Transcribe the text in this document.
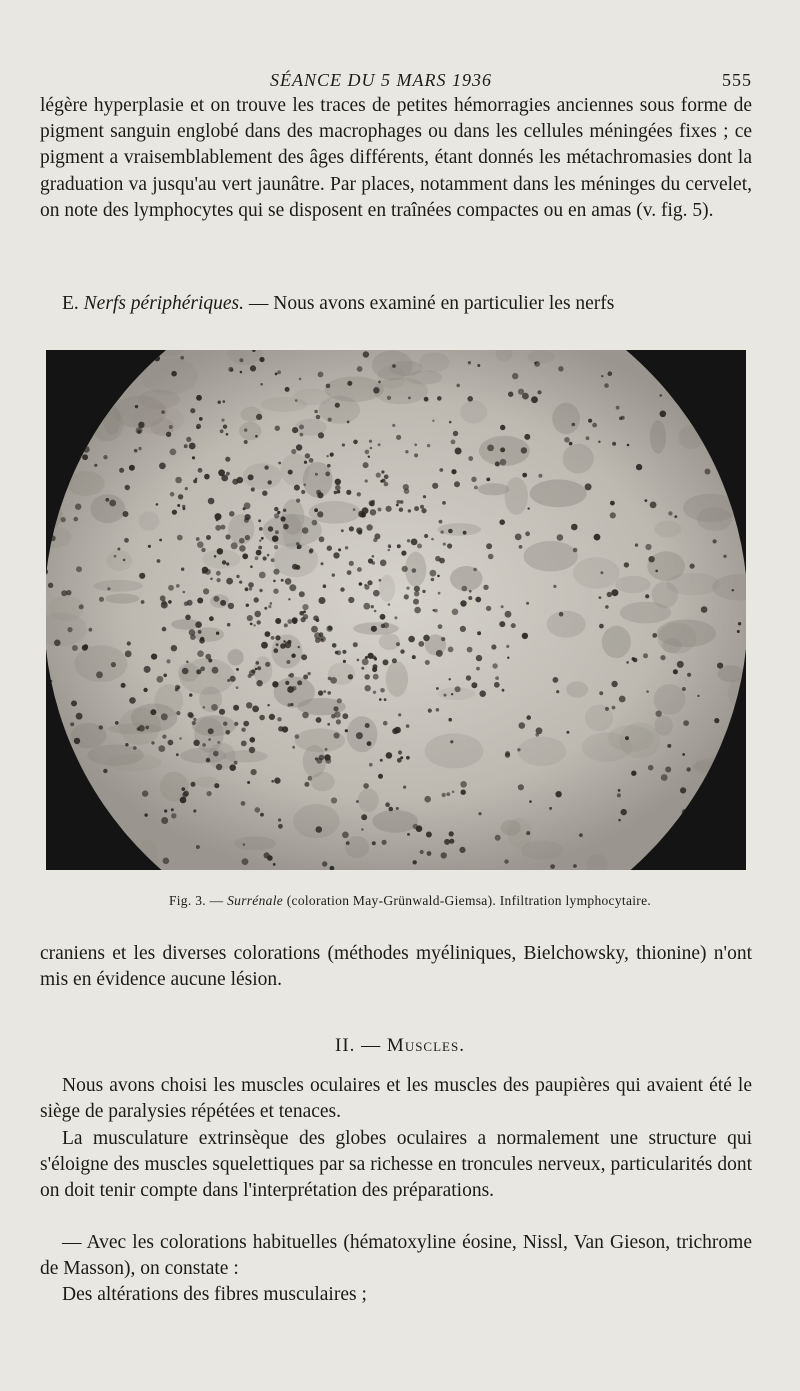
SÉANCE DU 5 MARS 1936	555

légère hyperplasie et on trouve les traces de petites hémorragies anciennes sous forme de pigment sanguin englobé dans des macrophages ou dans les cellules méningées fixes ; ce pigment a vraisemblablement des âges différents, étant donnés les métachromasies dont la graduation va jusqu'au vert jaunâtre. Par places, notamment dans les méninges du cervelet, on note des lymphocytes qui se disposent en traînées compactes ou en amas (v. fig. 5).

E. Nerfs périphériques. — Nous avons examiné en particulier les nerfs

Fig. 3. — Surrénale (coloration May-Grünwald-Giemsa). Infiltration lymphocytaire.

craniens et les diverses colorations (méthodes myéliniques, Bielchowsky, thionine) n'ont mis en évidence aucune lésion.

II. — Muscles.

Nous avons choisi les muscles oculaires et les muscles des paupières qui avaient été le siège de paralysies répétées et tenaces.

La musculature extrinsèque des globes oculaires a normalement une structure qui s'éloigne des muscles squelettiques par sa richesse en troncules nerveux, particularités dont on doit tenir compte dans l'interprétation des préparations.

— Avec les colorations habituelles (hématoxyline éosine, Nissl, Van Gieson, trichrome de Masson), on constate :

Des altérations des fibres musculaires ;
